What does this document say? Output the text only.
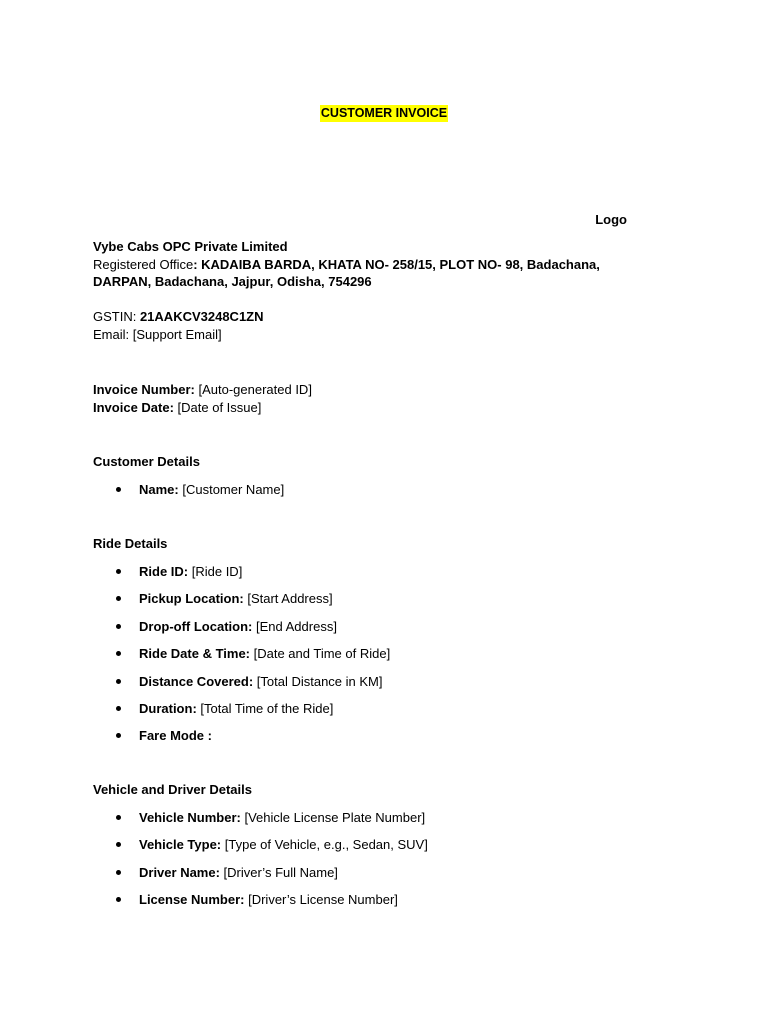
CUSTOMER INVOICE
Logo
Vybe Cabs OPC Private Limited
Registered Office: KADAIBA BARDA, KHATA NO- 258/15, PLOT NO- 98, Badachana, DARPAN, Badachana, Jajpur, Odisha, 754296
GSTIN: 21AAKCV3248C1ZN
Email: [Support Email]
Invoice Number: [Auto-generated ID]
Invoice Date: [Date of Issue]
Customer Details
Name: [Customer Name]
Ride Details
Ride ID: [Ride ID]
Pickup Location: [Start Address]
Drop-off Location: [End Address]
Ride Date & Time: [Date and Time of Ride]
Distance Covered: [Total Distance in KM]
Duration: [Total Time of the Ride]
Fare Mode :
Vehicle and Driver Details
Vehicle Number: [Vehicle License Plate Number]
Vehicle Type: [Type of Vehicle, e.g., Sedan, SUV]
Driver Name: [Driver’s Full Name]
License Number: [Driver’s License Number]
